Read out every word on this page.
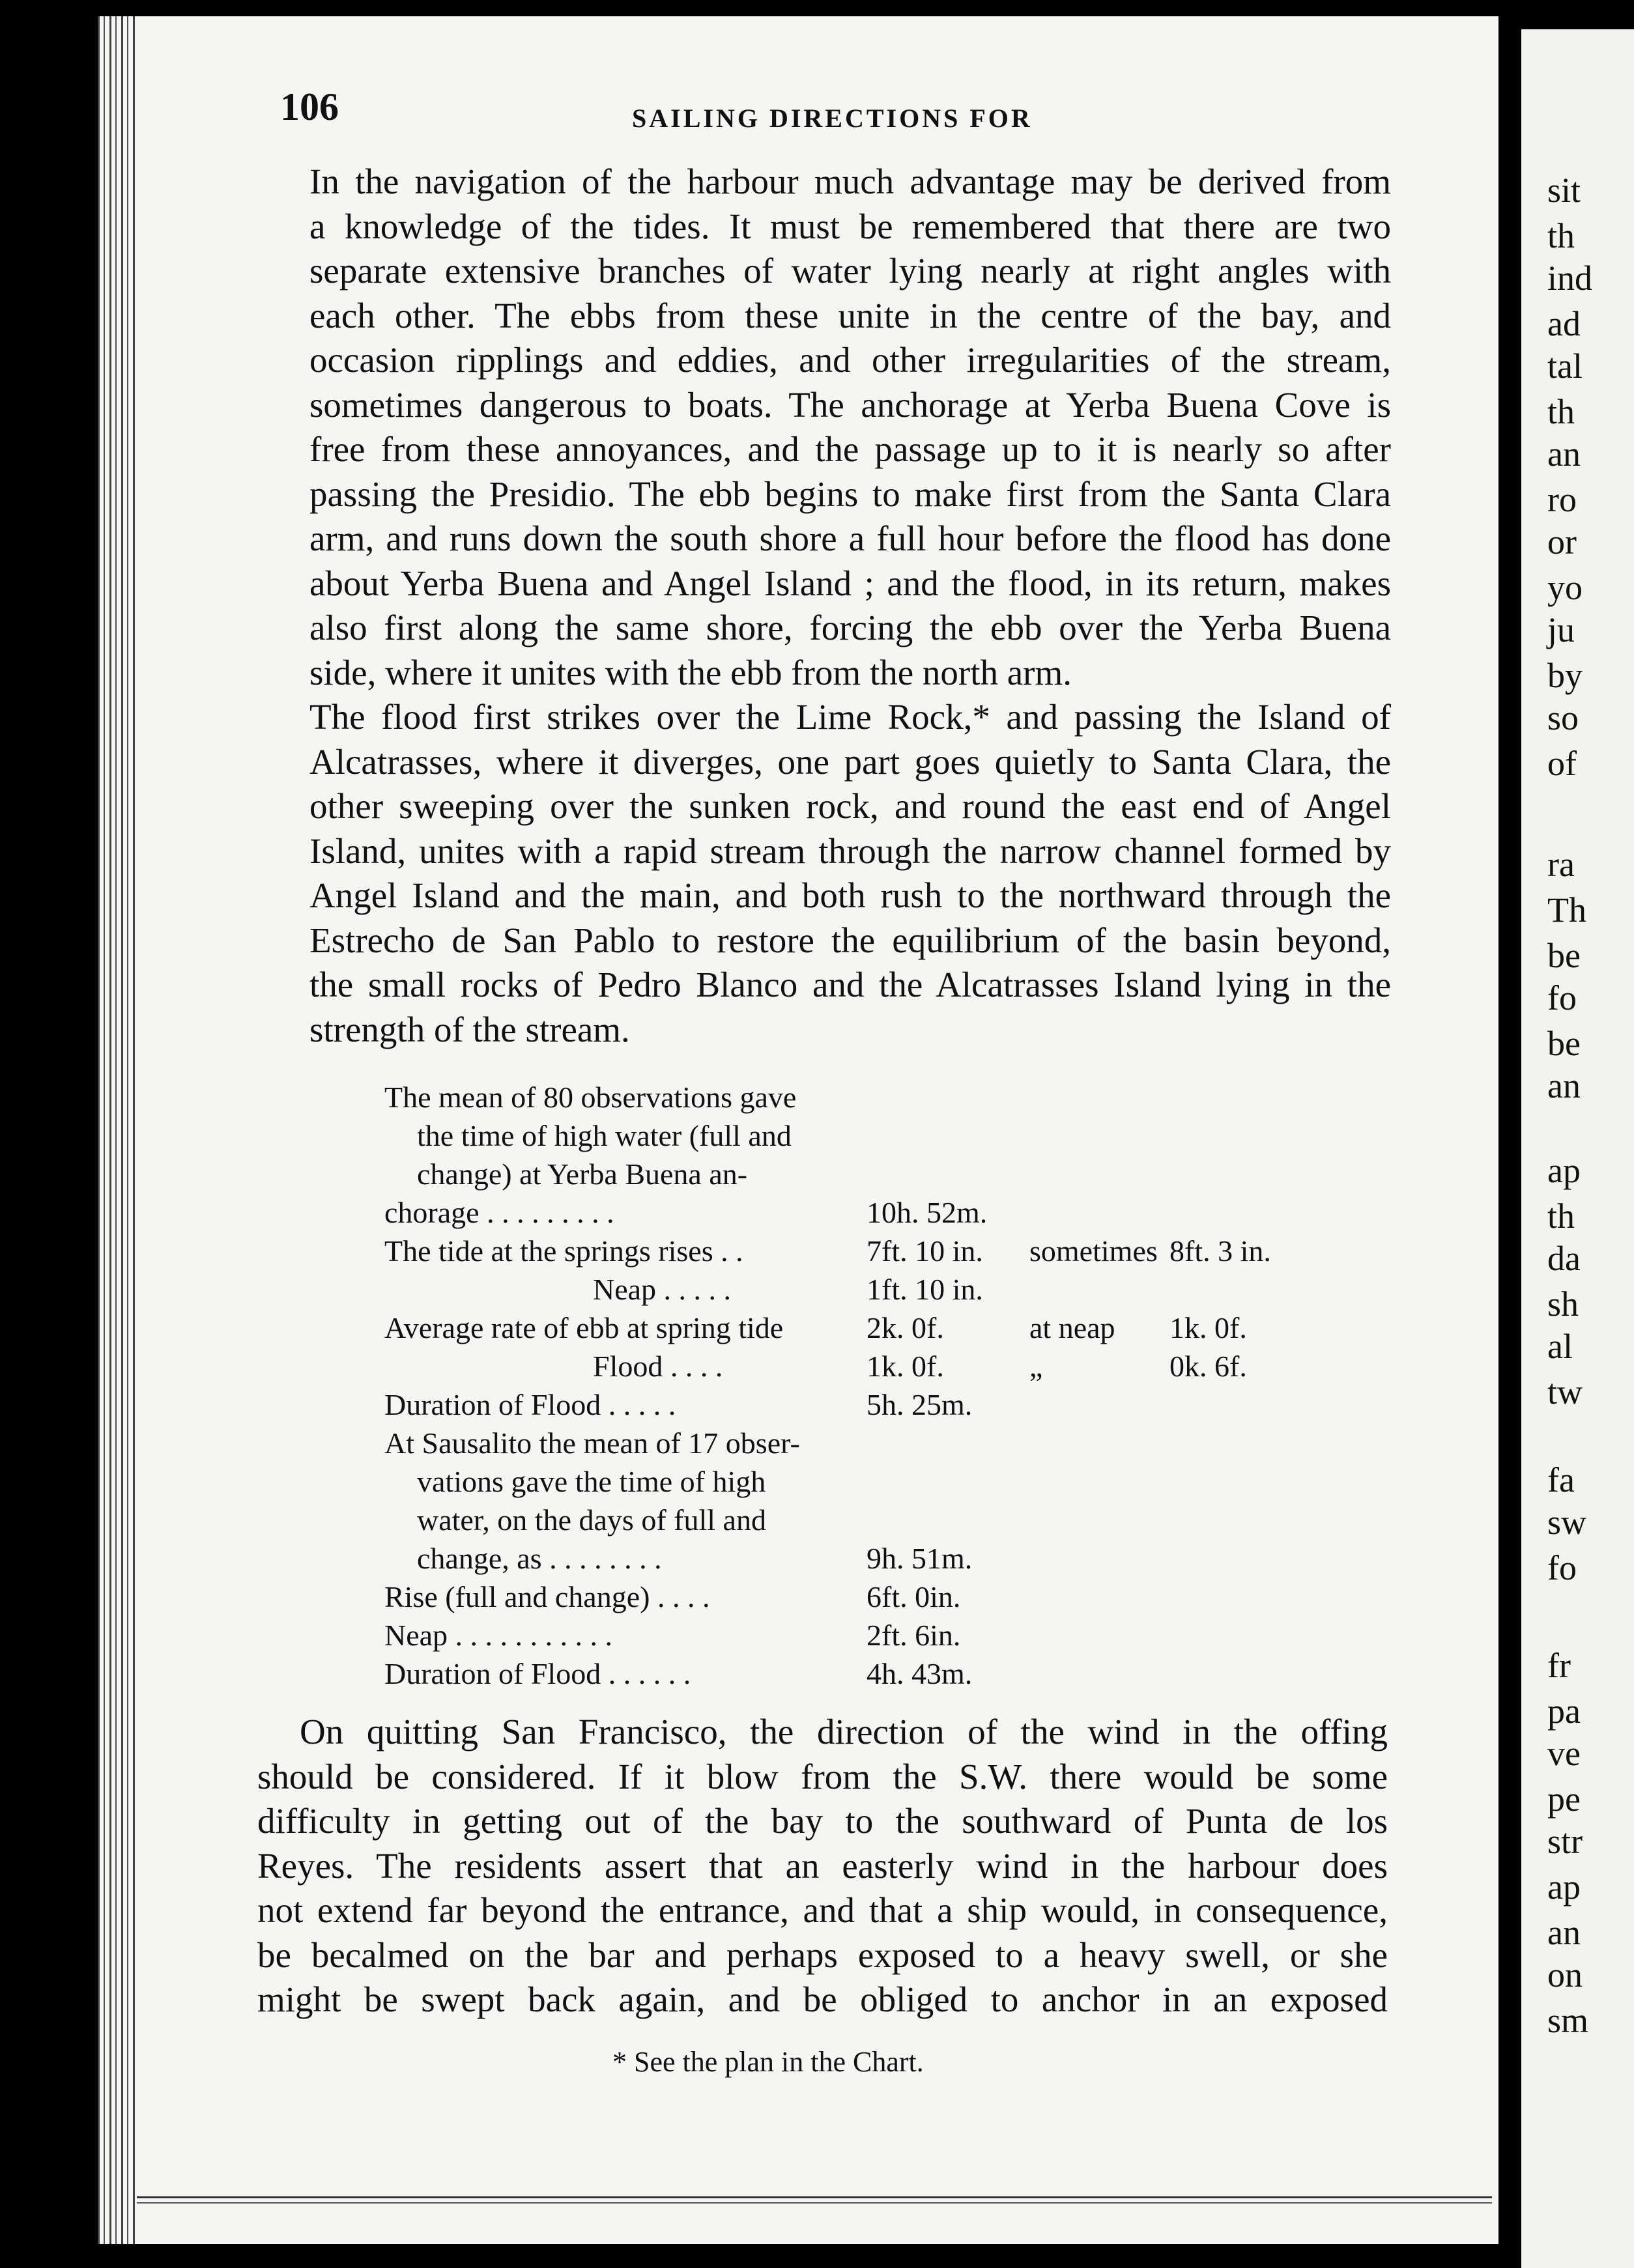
106	SAILING DIRECTIONS FOR

In the navigation of the harbour much advantage may be derived from
a knowledge of the tides. It must be remembered that there are two
separate extensive branches of water lying nearly at right angles with
each other. The ebbs from these unite in the centre of the bay, and
occasion ripplings and eddies, and other irregularities of the stream,
sometimes dangerous to boats. The anchorage at Yerba Buena Cove is
free from these annoyances, and the passage up to it is nearly so after
passing the Presidio. The ebb begins to make first from the Santa Clara
arm, and runs down the south shore a full hour before the flood has done
about Yerba Buena and Angel Island ; and the flood, in its return, makes
also first along the same shore, forcing the ebb over the Yerba Buena
side, where it unites with the ebb from the north arm.

The flood first strikes over the Lime Rock,* and passing the Island of
Alcatrasses, where it diverges, one part goes quietly to Santa Clara, the
other sweeping over the sunken rock, and round the east end of Angel
Island, unites with a rapid stream through the narrow channel formed by
Angel Island and the main, and both rush to the northward through the
Estrecho de San Pablo to restore the equilibrium of the basin beyond,
the small rocks of Pedro Blanco and the Alcatrasses Island lying in the
strength of the stream.

The mean of 80 observations gave
the time of high water (full and
change) at Yerba Buena an-
chorage . . . . . . . . .	10h. 52m.
The tide at the springs rises . .	7ft. 10 in. sometimes 8ft. 3 in.
Neap . . . . .	1ft. 10 in.
Average rate of ebb at spring tide	2k. 0f.	at neap 1k. 0f.
Flood . . . .	1k. 0f.	„	0k. 6f.
Duration of Flood . . . . .	5h. 25m.
At Sausalito the mean of 17 obser-
vations gave the time of high
water, on the days of full and
change, as . . . . . . . .	9h. 51m.
Rise (full and change) . . . .	6ft. 0in.
Neap . . . . . . . . . . .	2ft. 6in.
Duration of Flood . . . . . .	4h. 43m.
On quitting San Francisco, the direction of the wind in the offing
should be considered. If it blow from the S.W. there would be some
difficulty in getting out of the bay to the southward of Punta de los
Reyes. The residents assert that an easterly wind in the harbour does
not extend far beyond the entrance, and that a ship would, in consequence,
be becalmed on the bar and perhaps exposed to a heavy swell, or she
might be swept back again, and be obliged to anchor in an exposed
* See the plan in the Chart.
sit
th
ind
ad
tal
th
an
ro
or
yo
ju
by
so
of
ra
Th
be
fo
be
an
ap
th
da
sh
al
tw
fa
sw
fo
fr
pa
ve
pe
str
ap
an
on
sm
